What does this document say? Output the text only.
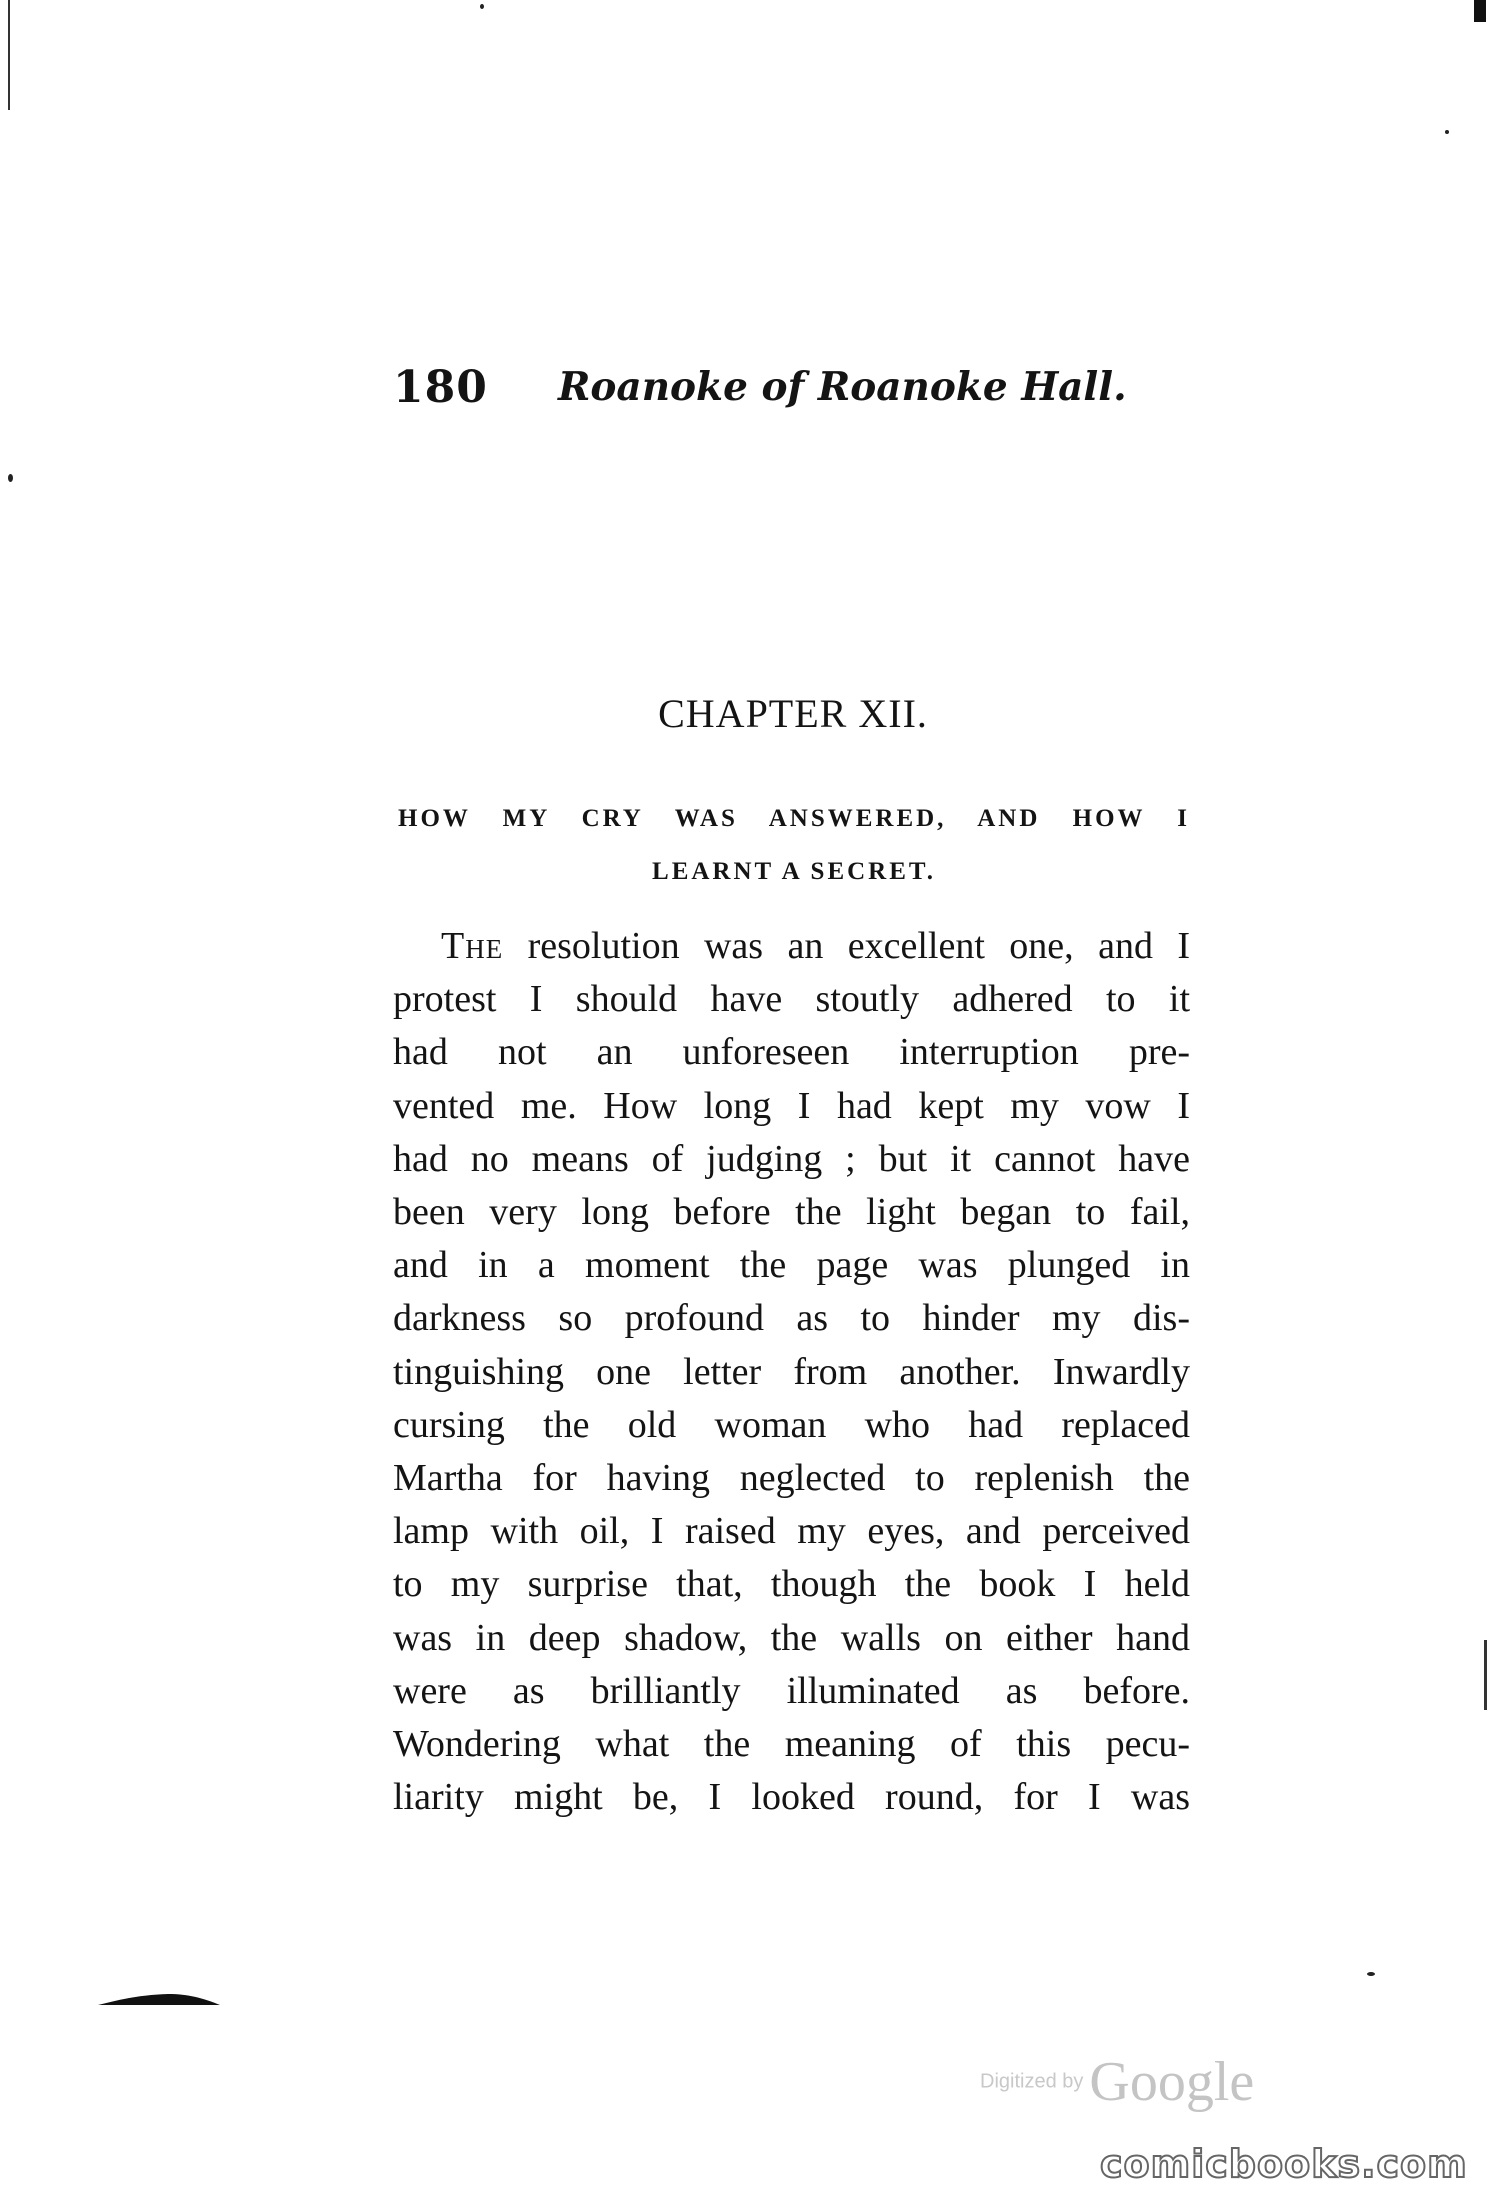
180 Roanoke of Roanoke Hall.
CHAPTER XII.
HOW MY CRY WAS ANSWERED, AND HOW I
LEARNT A SECRET.
The resolution was an excellent one, and I
protest I should have stoutly adhered to it
had not an unforeseen interruption pre-
vented me. How long I had kept my vow I
had no means of judging ; but it cannot have
been very long before the light began to fail,
and in a moment the page was plunged in
darkness so profound as to hinder my dis-
tinguishing one letter from another. Inwardly
cursing the old woman who had replaced
Martha for having neglected to replenish the
lamp with oil, I raised my eyes, and perceived
to my surprise that, though the book I held
was in deep shadow, the walls on either hand
were as brilliantly illuminated as before.
Wondering what the meaning of this pecu-
liarity might be, I looked round, for I was
Digitized by Google
comicbooks.com
